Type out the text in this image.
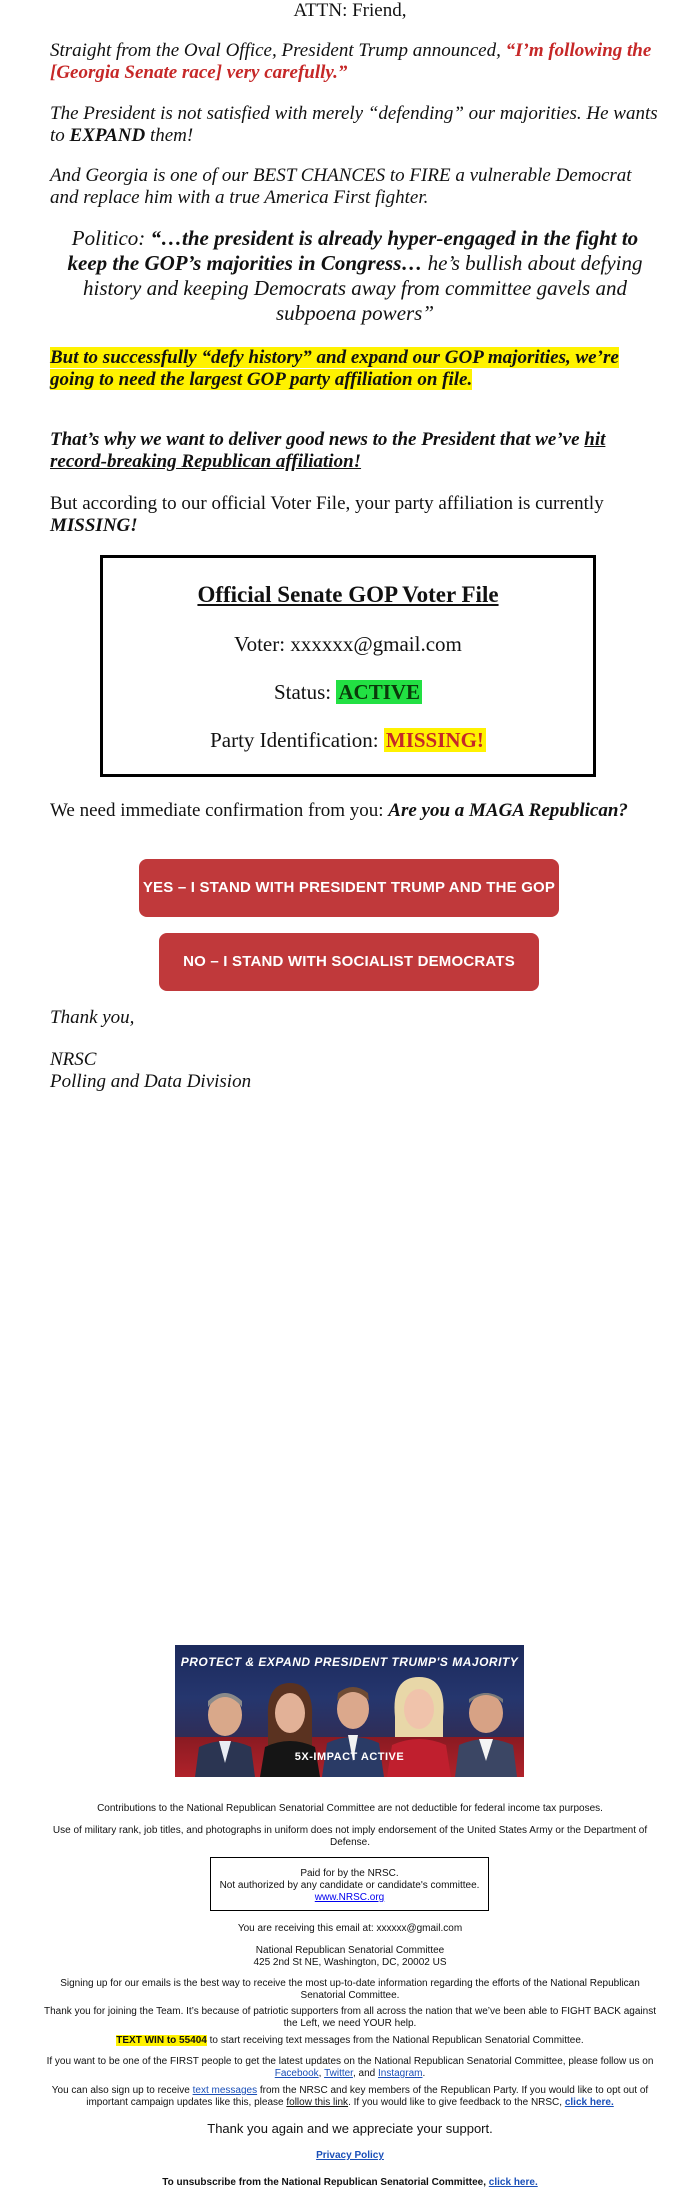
ATTN: Friend,
Straight from the Oval Office, President Trump announced, “I’m following the [Georgia Senate race] very carefully.”
The President is not satisfied with merely “defending” our majorities. He wants to EXPAND them!
And Georgia is one of our BEST CHANCES to FIRE a vulnerable Democrat and replace him with a true America First fighter.
Politico: “…the president is already hyper-engaged in the fight to keep the GOP’s majorities in Congress… he’s bullish about defying history and keeping Democrats away from committee gavels and subpoena powers”
But to successfully “defy history” and expand our GOP majorities, we’re going to need the largest GOP party affiliation on file.
That’s why we want to deliver good news to the President that we’ve hit record-breaking Republican affiliation!
But according to our official Voter File, your party affiliation is currently MISSING!
Official Senate GOP Voter File
Voter: xxxxxx@gmail.com
Status: ACTIVE
Party Identification: MISSING!
We need immediate confirmation from you: Are you a MAGA Republican?
YES – I STAND WITH PRESIDENT TRUMP AND THE GOP
NO – I STAND WITH SOCIALIST DEMOCRATS
Thank you,
NRSC
Polling and Data Division
PROTECT & EXPAND PRESIDENT TRUMP'S MAJORITY
5X-IMPACT ACTIVE
Contributions to the National Republican Senatorial Committee are not deductible for federal income tax purposes.
Use of military rank, job titles, and photographs in uniform does not imply endorsement of the United States Army or the Department of Defense.
Paid for by the NRSC.
Not authorized by any candidate or candidate's committee.
www.NRSC.org
You are receiving this email at: xxxxxx@gmail.com
National Republican Senatorial Committee
425 2nd St NE, Washington, DC, 20002 US
Signing up for our emails is the best way to receive the most up-to-date information regarding the efforts of the National Republican Senatorial Committee.
Thank you for joining the Team. It’s because of patriotic supporters from all across the nation that we’ve been able to FIGHT BACK against the Left, we need YOUR help.
TEXT WIN to 55404 to start receiving text messages from the National Republican Senatorial Committee.
If you want to be one of the FIRST people to get the latest updates on the National Republican Senatorial Committee, please follow us on Facebook, Twitter, and Instagram.
You can also sign up to receive text messages from the NRSC and key members of the Republican Party. If you would like to opt out of important campaign updates like this, please follow this link. If you would like to give feedback to the NRSC, click here.
Thank you again and we appreciate your support.
Privacy Policy
To unsubscribe from the National Republican Senatorial Committee, click here.
